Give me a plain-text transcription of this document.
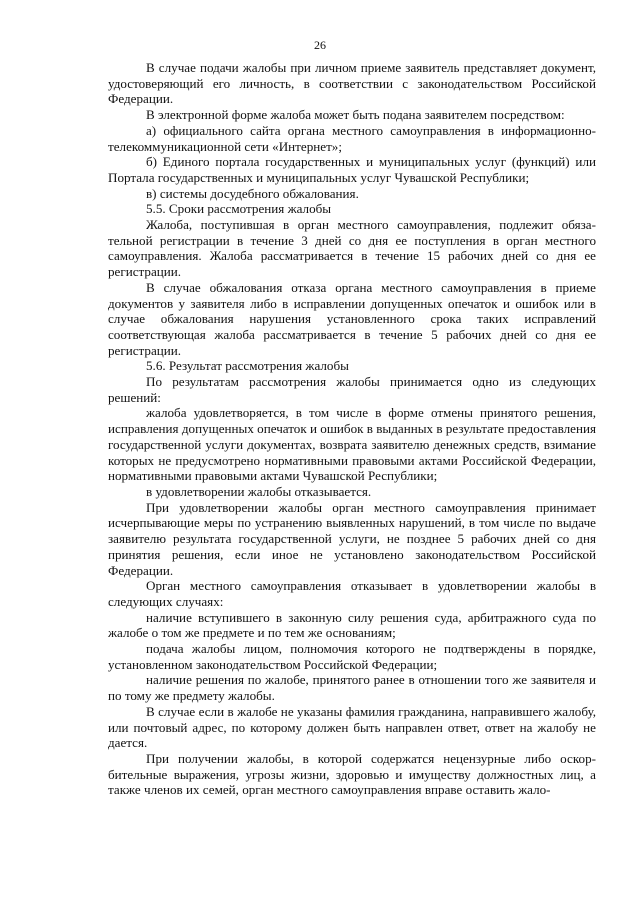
26

В случае подачи жалобы при личном приеме заявитель представляет документ, удостоверяющий его личность, в соответствии с законодательством Российской Федерации.

В электронной форме жалоба может быть подана заявителем посредством:

а) официального сайта органа местного самоуправления в информационно-телекоммуникационной сети «Интернет»;

б) Единого портала государственных и муниципальных услуг (функций) или Портала государственных и муниципальных услуг Чувашской Республики;

в) системы досудебного обжалования.

5.5. Сроки рассмотрения жалобы

Жалоба, поступившая в орган местного самоуправления, подлежит обязательной регистрации в течение 3 дней со дня ее поступления в орган местного самоуправления. Жалоба рассматривается в течение 15 рабочих дней со дня ее регистрации.

В случае обжалования отказа органа местного самоуправления в приеме документов у заявителя либо в исправлении допущенных опечаток и ошибок или в случае обжалования нарушения установленного срока таких исправлений соответствующая жалоба рассматривается в течение 5 рабочих дней со дня ее регистрации.

5.6. Результат рассмотрения жалобы

По результатам рассмотрения жалобы принимается одно из следующих решений:

жалоба удовлетворяется, в том числе в форме отмены принятого решения, исправления допущенных опечаток и ошибок в выданных в результате предоставления государственной услуги документах, возврата заявителю денежных средств, взимание которых не предусмотрено нормативными правовыми актами Российской Федерации, нормативными правовыми актами Чувашской Республики;

в удовлетворении жалобы отказывается.

При удовлетворении жалобы орган местного самоуправления принимает исчерпывающие меры по устранению выявленных нарушений, в том числе по выдаче заявителю результата государственной услуги, не позднее 5 рабочих дней со дня принятия решения, если иное не установлено законодательством Российской Федерации.

Орган местного самоуправления отказывает в удовлетворении жалобы в следующих случаях:

наличие вступившего в законную силу решения суда, арбитражного суда по жалобе о том же предмете и по тем же основаниям;

подача жалобы лицом, полномочия которого не подтверждены в порядке, установленном законодательством Российской Федерации;

наличие решения по жалобе, принятого ранее в отношении того же заявителя и по тому же предмету жалобы.

В случае если в жалобе не указаны фамилия гражданина, направившего жалобу, или почтовый адрес, по которому должен быть направлен ответ, ответ на жалобу не дается.

При получении жалобы, в которой содержатся нецензурные либо оскорбительные выражения, угрозы жизни, здоровью и имуществу должностных лиц, а также членов их семей, орган местного самоуправления вправе оставить жало-
